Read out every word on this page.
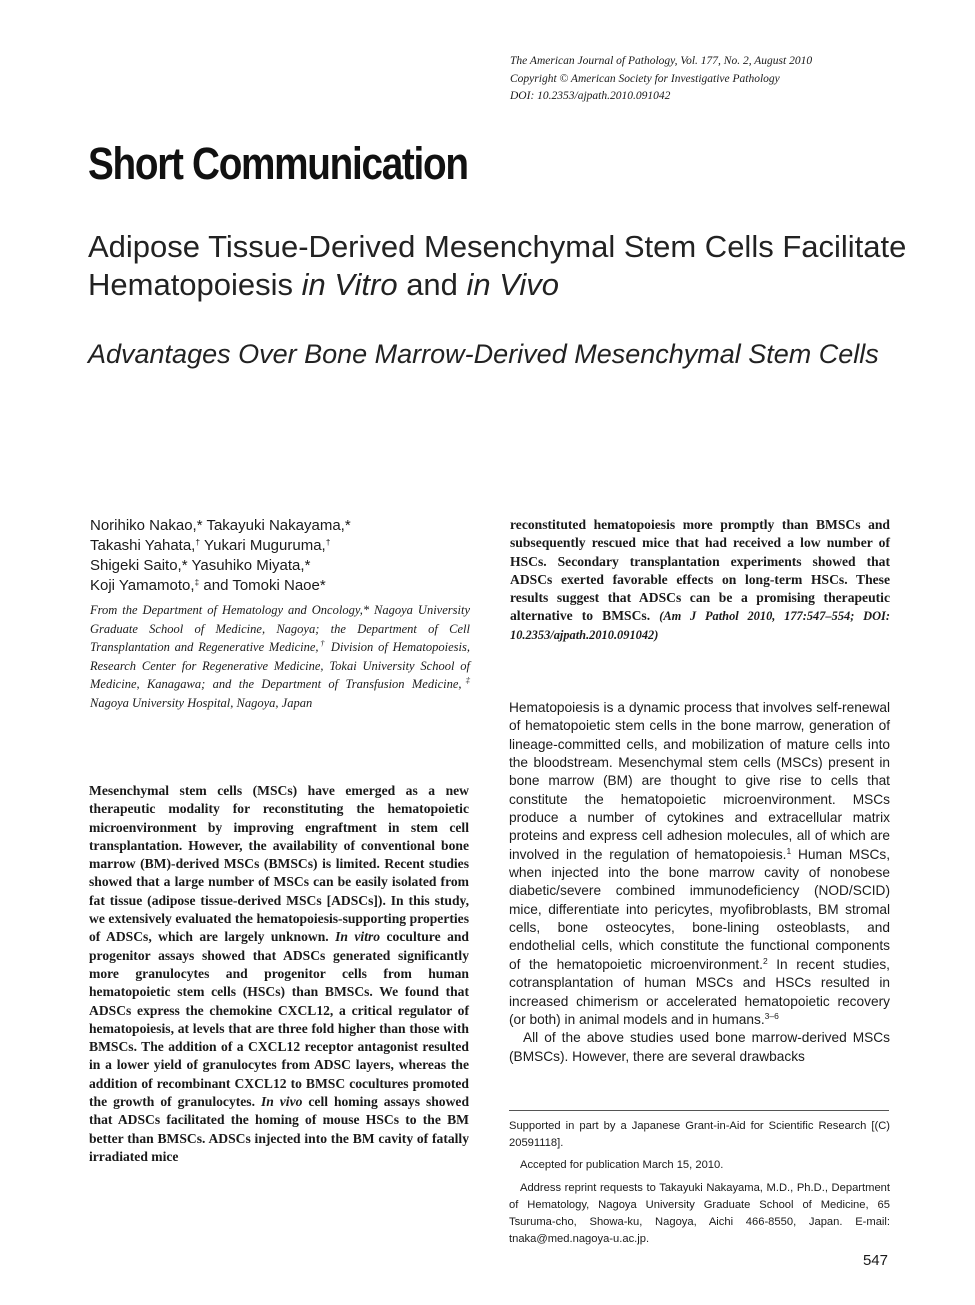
The American Journal of Pathology, Vol. 177, No. 2, August 2010
Copyright © American Society for Investigative Pathology
DOI: 10.2353/ajpath.2010.091042
Short Communication
Adipose Tissue-Derived Mesenchymal Stem Cells Facilitate Hematopoiesis in Vitro and in Vivo
Advantages Over Bone Marrow-Derived Mesenchymal Stem Cells
Norihiko Nakao,* Takayuki Nakayama,*
Takashi Yahata,† Yukari Muguruma,†
Shigeki Saito,* Yasuhiko Miyata,*
Koji Yamamoto,‡ and Tomoki Naoe*
From the Department of Hematology and Oncology,* Nagoya University Graduate School of Medicine, Nagoya; the Department of Cell Transplantation and Regenerative Medicine,† Division of Hematopoiesis, Research Center for Regenerative Medicine, Tokai University School of Medicine, Kanagawa; and the Department of Transfusion Medicine,‡ Nagoya University Hospital, Nagoya, Japan
Mesenchymal stem cells (MSCs) have emerged as a new therapeutic modality for reconstituting the hematopoietic microenvironment by improving engraftment in stem cell transplantation. However, the availability of conventional bone marrow (BM)-derived MSCs (BMSCs) is limited. Recent studies showed that a large number of MSCs can be easily isolated from fat tissue (adipose tissue-derived MSCs [ADSCs]). In this study, we extensively evaluated the hematopoiesis-supporting properties of ADSCs, which are largely unknown. In vitro coculture and progenitor assays showed that ADSCs generated significantly more granulocytes and progenitor cells from human hematopoietic stem cells (HSCs) than BMSCs. We found that ADSCs express the chemokine CXCL12, a critical regulator of hematopoiesis, at levels that are three fold higher than those with BMSCs. The addition of a CXCL12 receptor antagonist resulted in a lower yield of granulocytes from ADSC layers, whereas the addition of recombinant CXCL12 to BMSC cocultures promoted the growth of granulocytes. In vivo cell homing assays showed that ADSCs facilitated the homing of mouse HSCs to the BM better than BMSCs. ADSCs injected into the BM cavity of fatally irradiated mice
reconstituted hematopoiesis more promptly than BMSCs and subsequently rescued mice that had received a low number of HSCs. Secondary transplantation experiments showed that ADSCs exerted favorable effects on long-term HSCs. These results suggest that ADSCs can be a promising therapeutic alternative to BMSCs. (Am J Pathol 2010, 177:547–554; DOI: 10.2353/ajpath.2010.091042)

Hematopoiesis is a dynamic process that involves self-renewal of hematopoietic stem cells in the bone marrow, generation of lineage-committed cells, and mobilization of mature cells into the bloodstream. Mesenchymal stem cells (MSCs) present in bone marrow (BM) are thought to give rise to cells that constitute the hematopoietic microenvironment. MSCs produce a number of cytokines and extracellular matrix proteins and express cell adhesion molecules, all of which are involved in the regulation of hematopoiesis.$^1$ Human MSCs, when injected into the bone marrow cavity of nonobese diabetic/severe combined immunodeficiency (NOD/SCID) mice, differentiate into pericytes, myofibroblasts, BM stromal cells, bone osteocytes, bone-lining osteoblasts, and endothelial cells, which constitute the functional components of the hematopoietic microenvironment.$^2$ In recent studies, cotransplantation of human MSCs and HSCs resulted in increased chimerism or accelerated hematopoietic recovery (or both) in animal models and in humans.$^{3-6}$

All of the above studies used bone marrow-derived MSCs (BMSCs). However, there are several drawbacks

Supported in part by a Japanese Grant-in-Aid for Scientific Research [(C) 20591118].

Accepted for publication March 15, 2010.

Address reprint requests to Takayuki Nakayama, M.D., Ph.D., Department of Hematology, Nagoya University Graduate School of Medicine, 65 Tsuruma-cho, Showa-ku, Nagoya, Aichi 466-8550, Japan. E-mail: tnaka@med.nagoya-u.ac.jp.

547
